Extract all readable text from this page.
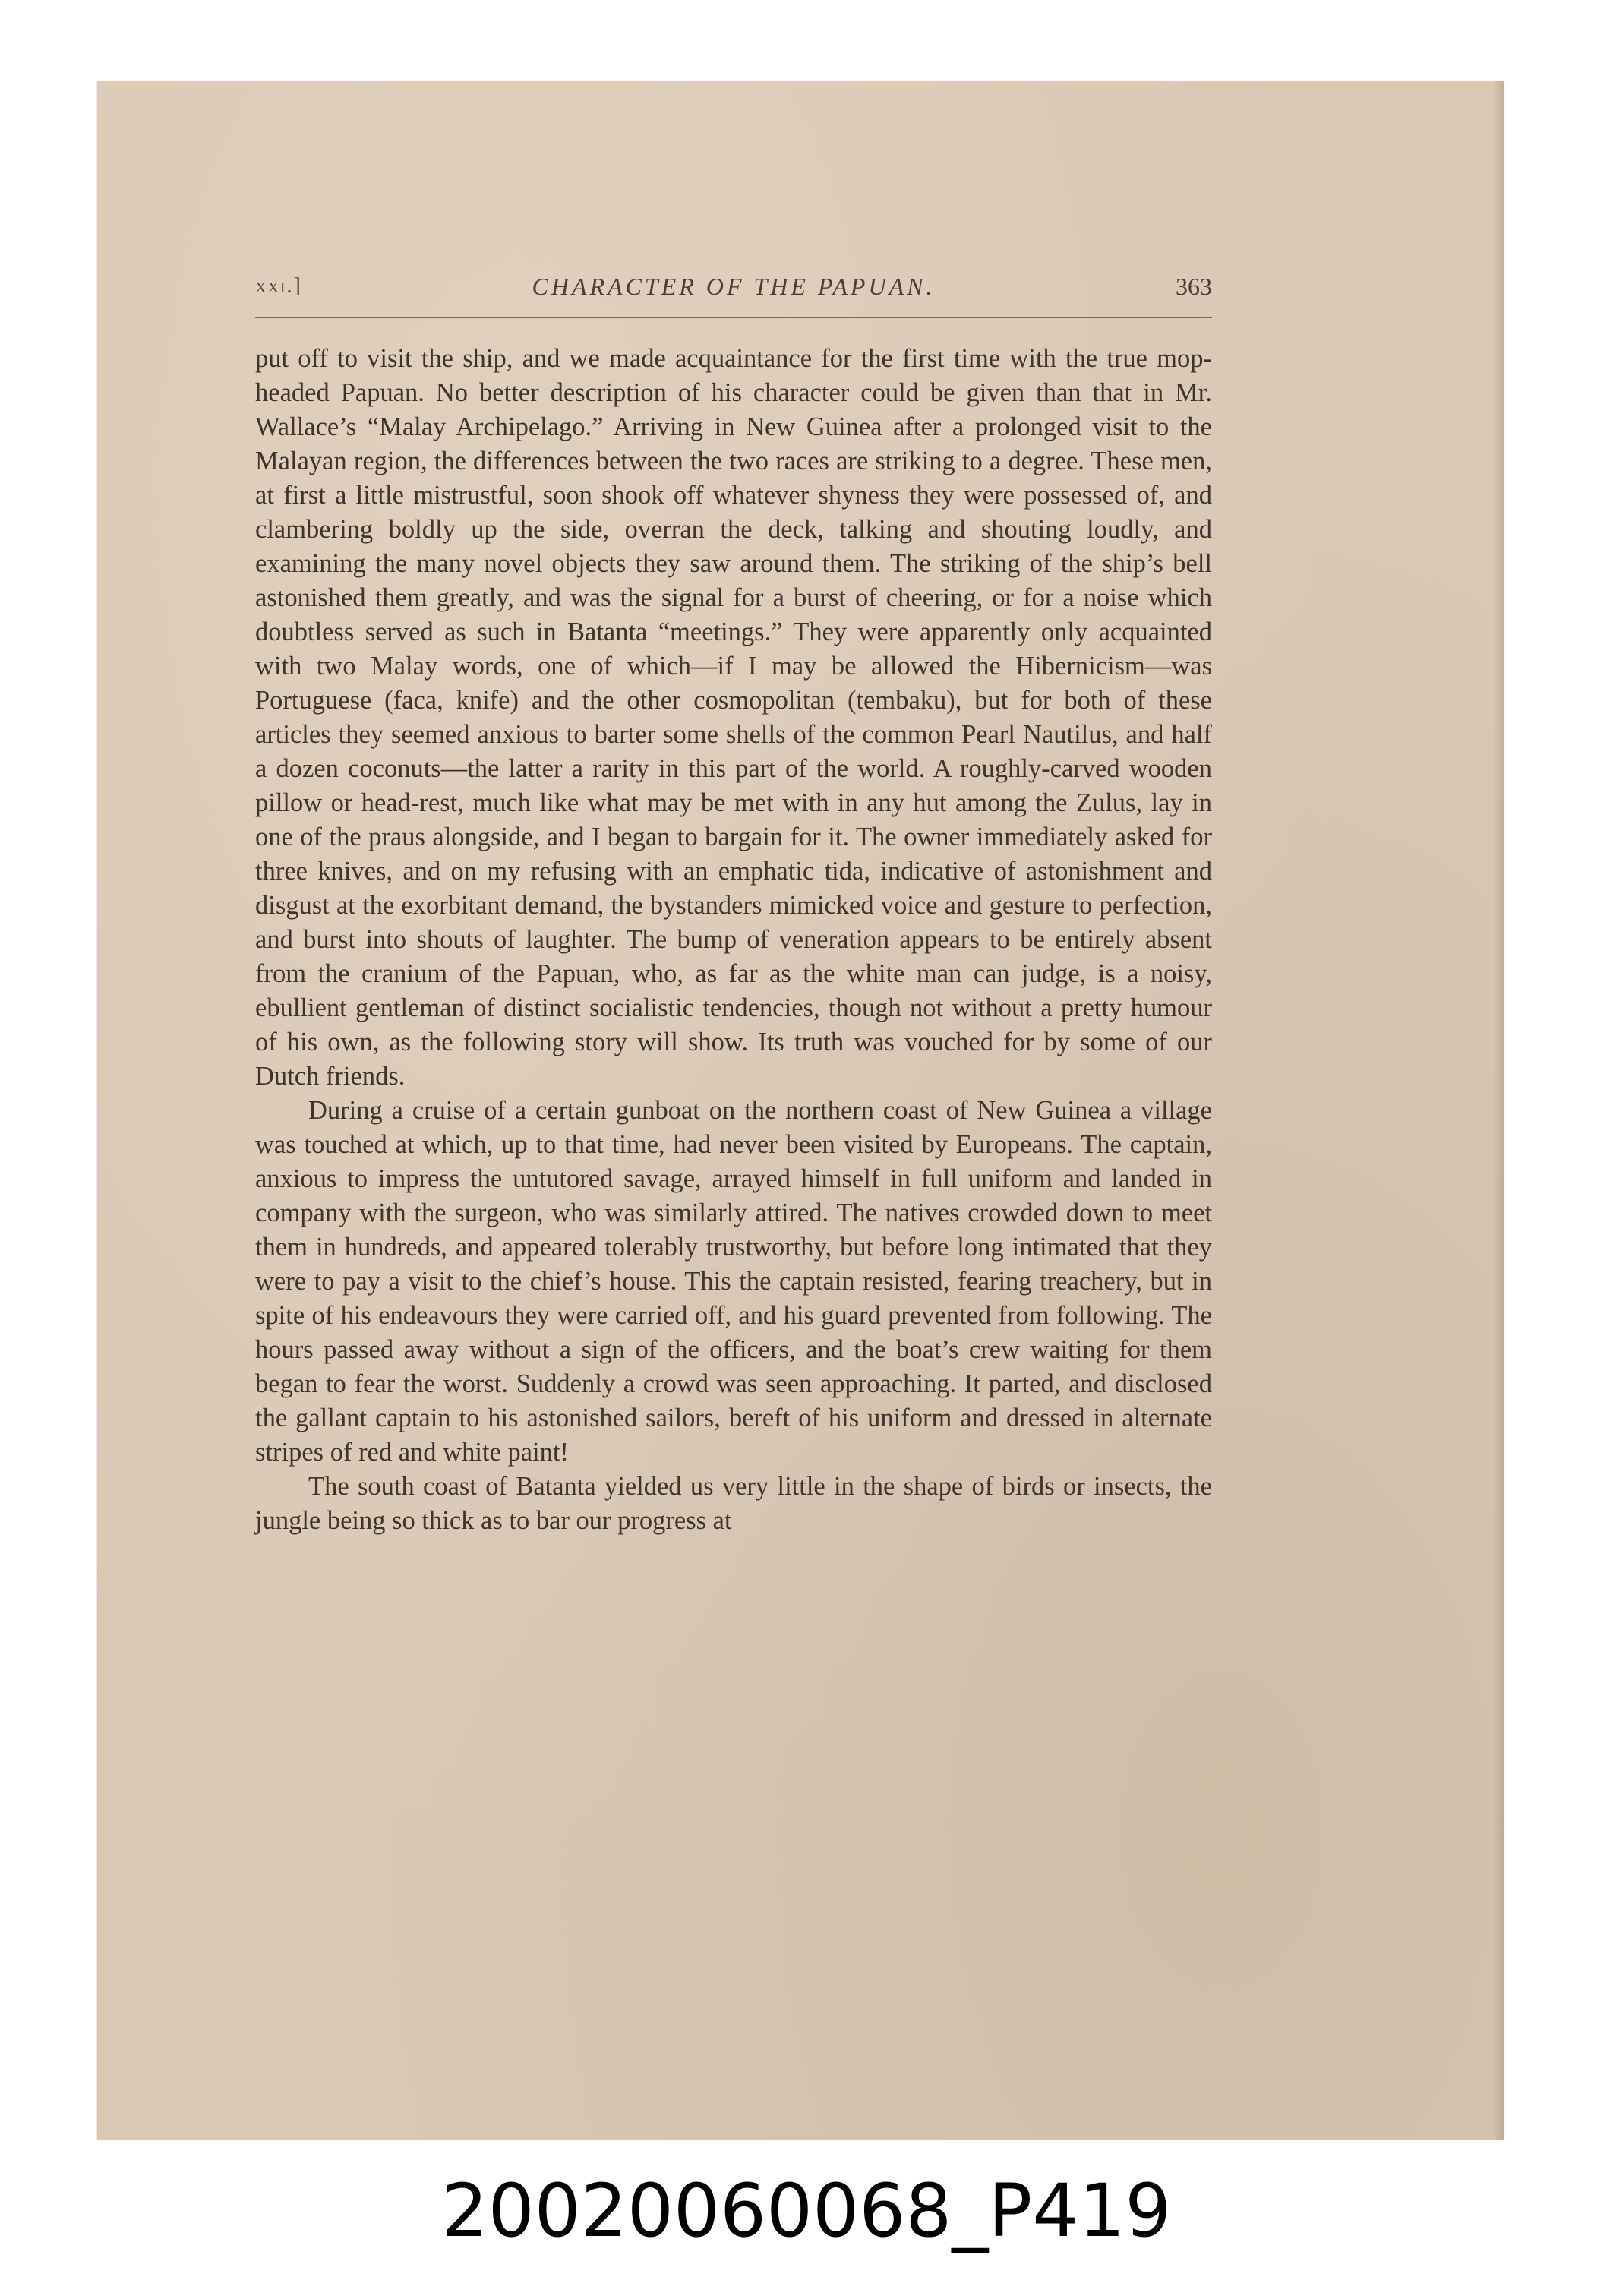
xxi.]	CHARACTER OF THE PAPUAN.	363

put off to visit the ship, and we made acquaintance for the first time with the true mop-headed Papuan. No better description of his character could be given than that in Mr. Wallace’s “Malay Archipelago.” Arriving in New Guinea after a prolonged visit to the Malayan region, the differences between the two races are striking to a degree. These men, at first a little mistrustful, soon shook off whatever shyness they were possessed of, and clambering boldly up the side, overran the deck, talking and shouting loudly, and examining the many novel objects they saw around them. The striking of the ship’s bell astonished them greatly, and was the signal for a burst of cheering, or for a noise which doubtless served as such in Batanta “meetings.” They were apparently only acquainted with two Malay words, one of which—if I may be allowed the Hibernicism—was Portuguese (faca, knife) and the other cosmopolitan (tembaku), but for both of these articles they seemed anxious to barter some shells of the common Pearl Nautilus, and half a dozen coconuts—the latter a rarity in this part of the world. A roughly-carved wooden pillow or head-rest, much like what may be met with in any hut among the Zulus, lay in one of the praus alongside, and I began to bargain for it. The owner immediately asked for three knives, and on my refusing with an emphatic tida, indicative of astonishment and disgust at the exorbitant demand, the bystanders mimicked voice and gesture to perfection, and burst into shouts of laughter. The bump of veneration appears to be entirely absent from the cranium of the Papuan, who, as far as the white man can judge, is a noisy, ebullient gentleman of distinct socialistic tendencies, though not without a pretty humour of his own, as the following story will show. Its truth was vouched for by some of our Dutch friends.

During a cruise of a certain gunboat on the northern coast of New Guinea a village was touched at which, up to that time, had never been visited by Europeans. The captain, anxious to impress the untutored savage, arrayed himself in full uniform and landed in company with the surgeon, who was similarly attired. The natives crowded down to meet them in hundreds, and appeared tolerably trustworthy, but before long intimated that they were to pay a visit to the chief’s house. This the captain resisted, fearing treachery, but in spite of his endeavours they were carried off, and his guard prevented from following. The hours passed away without a sign of the officers, and the boat’s crew waiting for them began to fear the worst. Suddenly a crowd was seen approaching. It parted, and disclosed the gallant captain to his astonished sailors, bereft of his uniform and dressed in alternate stripes of red and white paint!

The south coast of Batanta yielded us very little in the shape of birds or insects, the jungle being so thick as to bar our progress at

20020060068_P419
